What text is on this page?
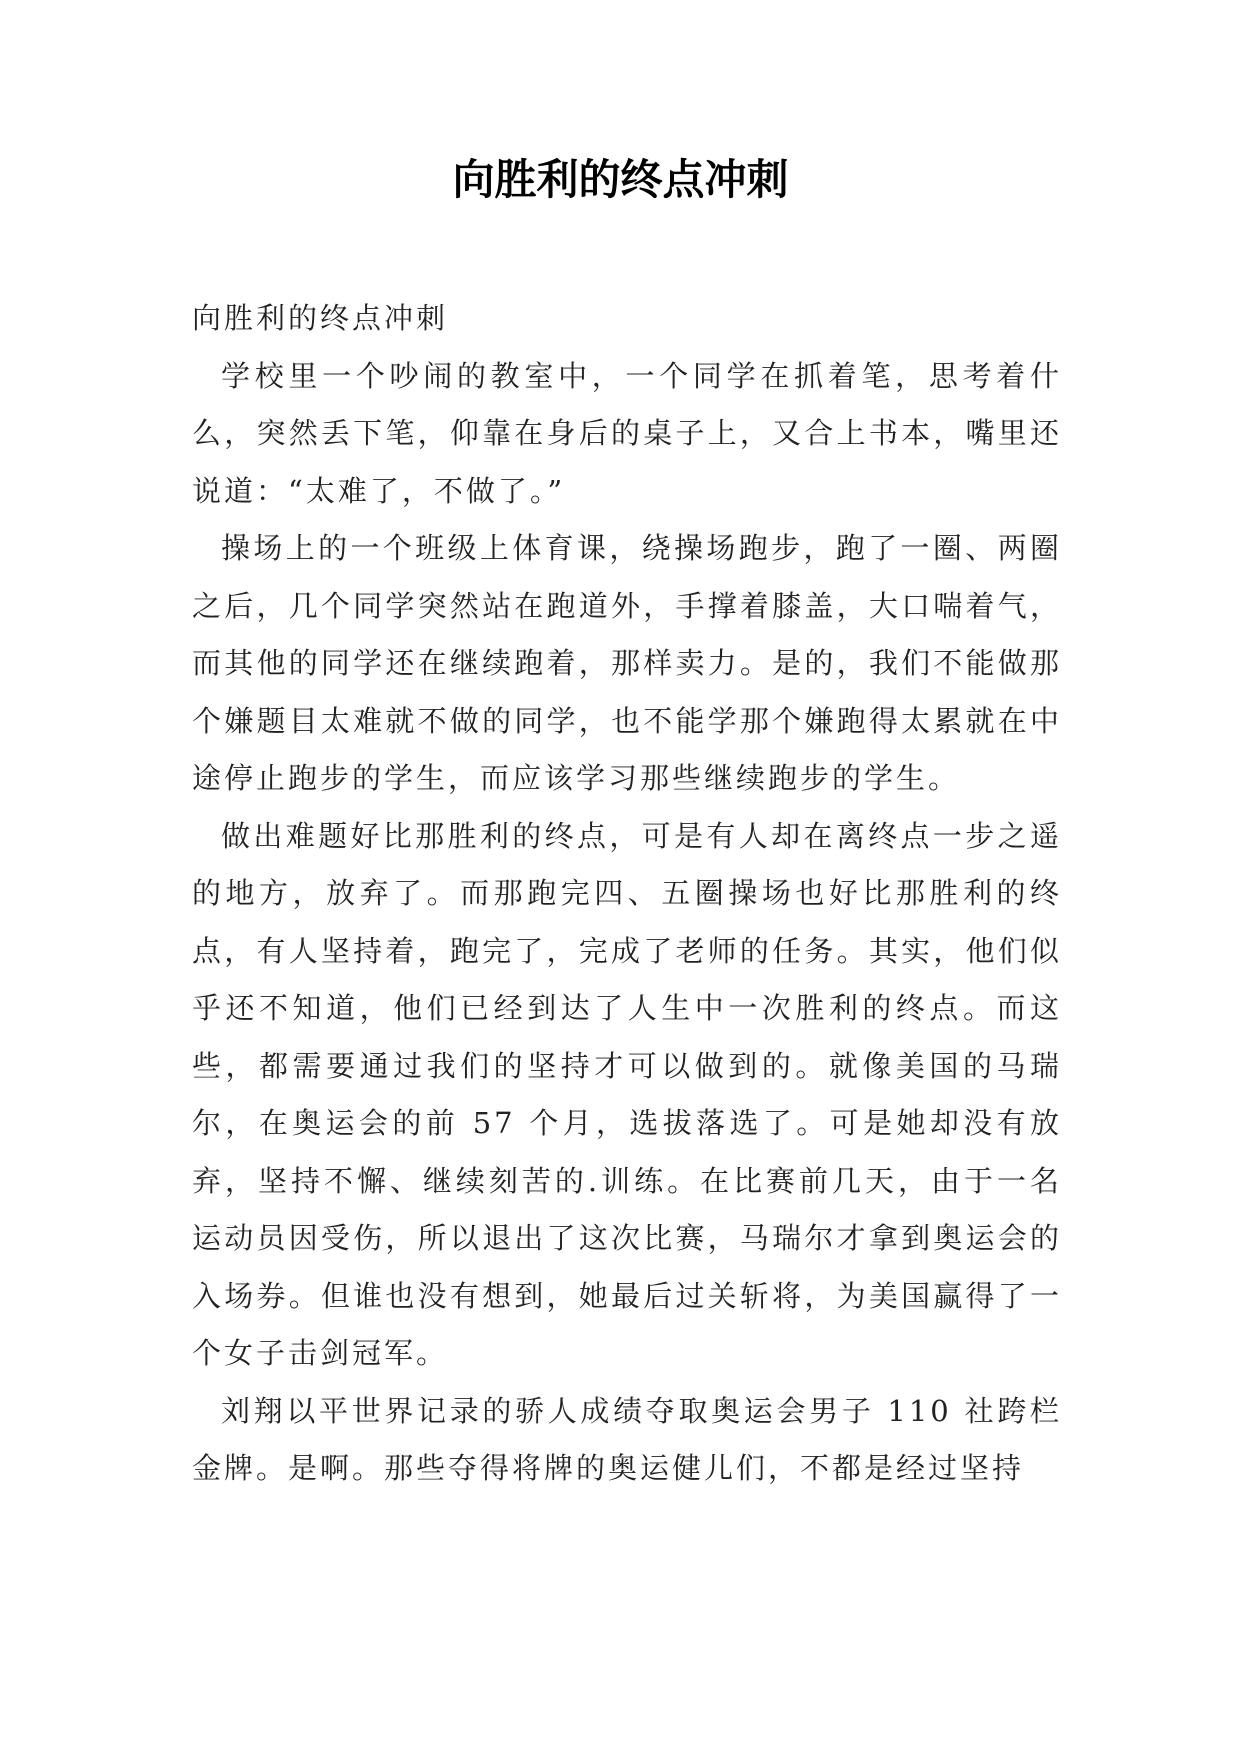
向胜利的终点冲刺

向胜利的终点冲刺

学校里一个吵闹的教室中，一个同学在抓着笔，思考着什么，突然丢下笔，仰靠在身后的桌子上，又合上书本，嘴里还说道：“太难了，不做了。”

操场上的一个班级上体育课，绕操场跑步，跑了一圈、两圈之后，几个同学突然站在跑道外，手撑着膝盖，大口喘着气，而其他的同学还在继续跑着，那样卖力。是的，我们不能做那个嫌题目太难就不做的同学，也不能学那个嫌跑得太累就在中途停止跑步的学生，而应该学习那些继续跑步的学生。

做出难题好比那胜利的终点，可是有人却在离终点一步之遥的地方，放弃了。而那跑完四、五圈操场也好比那胜利的终点，有人坚持着，跑完了，完成了老师的任务。其实，他们似乎还不知道，他们已经到达了人生中一次胜利的终点。而这些，都需要通过我们的坚持才可以做到的。就像美国的马瑞尔，在奥运会的前 57 个月，选拔落选了。可是她却没有放弃，坚持不懈、继续刻苦的.训练。在比赛前几天，由于一名运动员因受伤，所以退出了这次比赛，马瑞尔才拿到奥运会的入场券。但谁也没有想到，她最后过关斩将，为美国赢得了一个女子击剑冠军。

刘翔以平世界记录的骄人成绩夺取奥运会男子 110 社跨栏金牌。是啊。那些夺得将牌的奥运健儿们，不都是经过坚持
